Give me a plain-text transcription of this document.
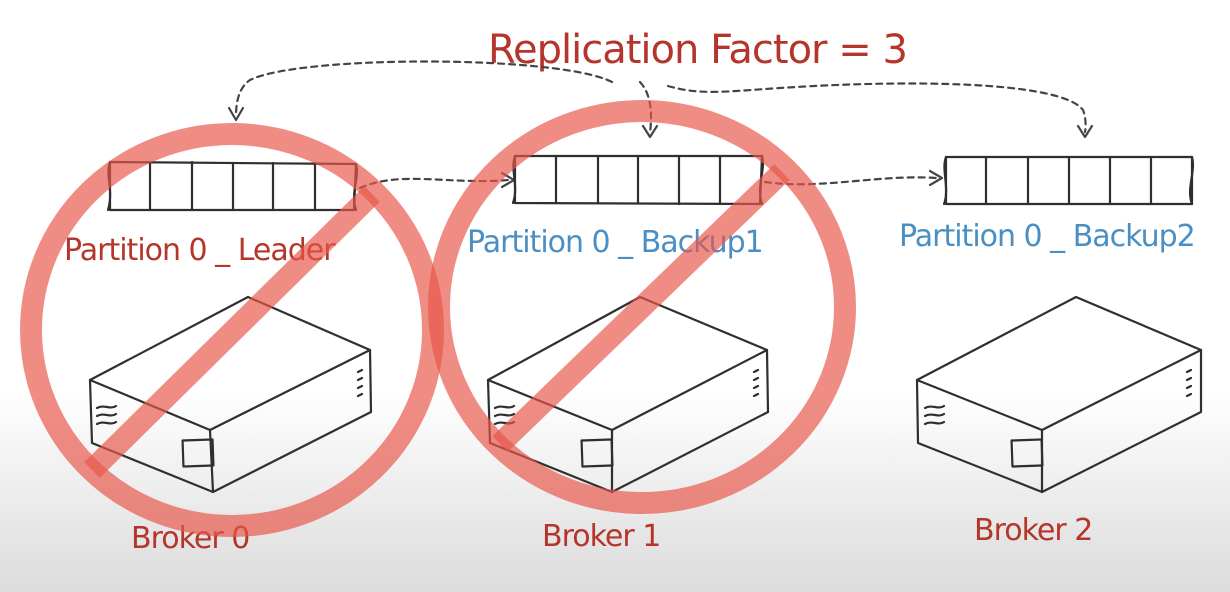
Replication Factor = 3
Partition 0 _ Leader	Partition 0 _ Backup1	Partition 0 _ Backup2
Broker 0	Broker 1	Broker 2
